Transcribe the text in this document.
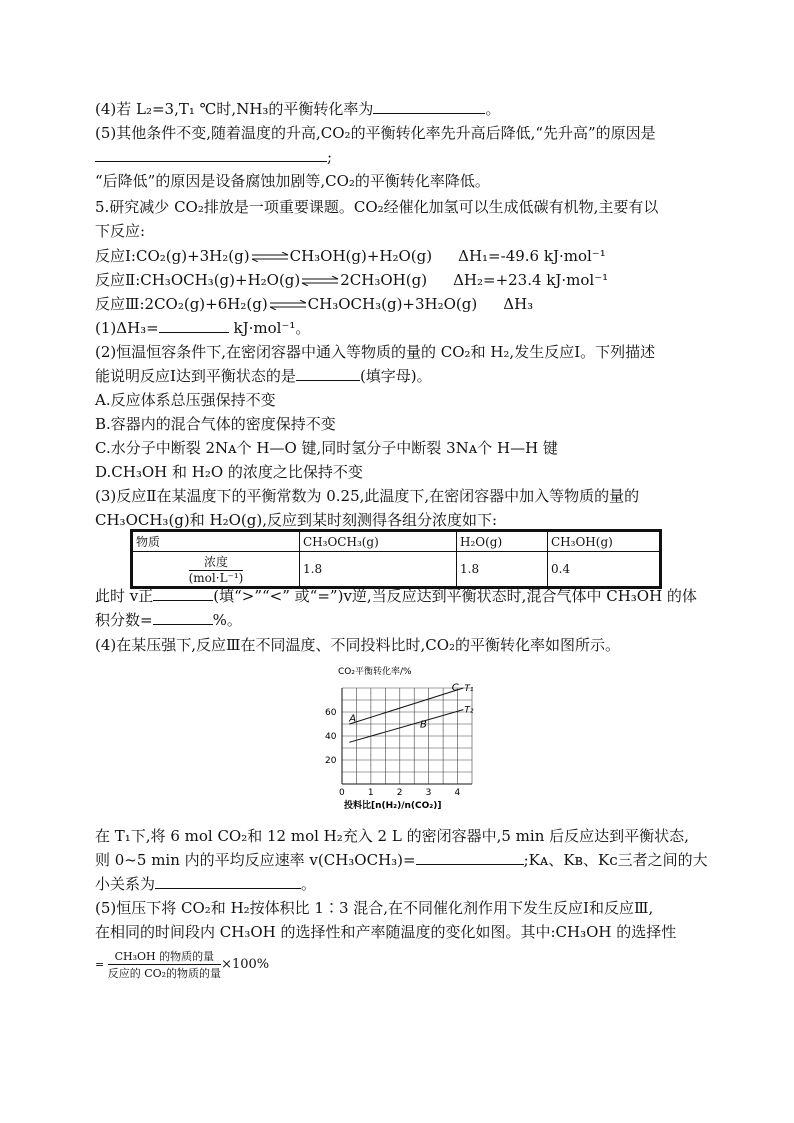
(4)若 L₂=3,T₁ ℃时,NH₃的平衡转化率为	。
(5)其他条件不变,随着温度的升高,CO₂的平衡转化率先升高后降低,“先升高”的原因是
;
“后降低”的原因是设备腐蚀加剧等,CO₂的平衡转化率降低。
5.研究减少 CO₂排放是一项重要课题。CO₂经催化加氢可以生成低碳有机物,主要有以
下反应:
反应Ⅰ:CO₂(g)+3H₂(g)⇌CH₃OH(g)+H₂O(g) ΔH₁=-49.6 kJ·mol⁻¹
反应Ⅱ:CH₃OCH₃(g)+H₂O(g)⇌2CH₃OH(g) ΔH₂=+23.4 kJ·mol⁻¹
反应Ⅲ:2CO₂(g)+6H₂(g)⇌CH₃OCH₃(g)+3H₂O(g) ΔH₃
(1)ΔH₃=	kJ·mol⁻¹。
(2)恒温恒容条件下,在密闭容器中通入等物质的量的 CO₂和 H₂,发生反应Ⅰ。下列描述
能说明反应Ⅰ达到平衡状态的是	(填字母)。
A.反应体系总压强保持不变
B.容器内的混合气体的密度保持不变
C.水分子中断裂 2Nᴀ个 H—O 键,同时氢分子中断裂 3Nᴀ个 H—H 键
D.CH₃OH 和 H₂O 的浓度之比保持不变
(3)反应Ⅱ在某温度下的平衡常数为 0.25,此温度下,在密闭容器中加入等物质的量的
CH₃OCH₃(g)和 H₂O(g),反应到某时刻测得各组分浓度如下:
物质	CH₃OCH₃(g)	H₂O(g)	CH₃OH(g)

$\frac{\text{浓度}}{\text{(mol·L⁻¹)}}$	1.8	1.8	0.4
此时 v正	(填“>”“<” 或“=”)v逆,当反应达到平衡状态时,混合气体中 CH₃OH 的体
积分数=	%。
(4)在某压强下,反应Ⅲ在不同温度、不同投料比时,CO₂的平衡转化率如图所示。
CO₂平衡转化率/%
0	1	2	3	4
20
40
60
T₁
T₂
A
B
C
投料比[n(H₂)/n(CO₂)]
在 T₁下,将 6 mol CO₂和 12 mol H₂充入 2 L 的密闭容器中,5 min 后反应达到平衡状态,
则 0~5 min 内的平均反应速率 v(CH₃OCH₃)=	;Kᴀ、Kʙ、Kᴄ三者之间的大
小关系为	。
(5)恒压下将 CO₂和 H₂按体积比 1∶3 混合,在不同催化剂作用下发生反应Ⅰ和反应Ⅲ,
在相同的时间段内 CH₃OH 的选择性和产率随温度的变化如图。其中:CH₃OH 的选择性
= $\frac{\text{CH₃OH 的物质的量}}{\text{反应的 CO₂的物质的量}} \times 100\%$
